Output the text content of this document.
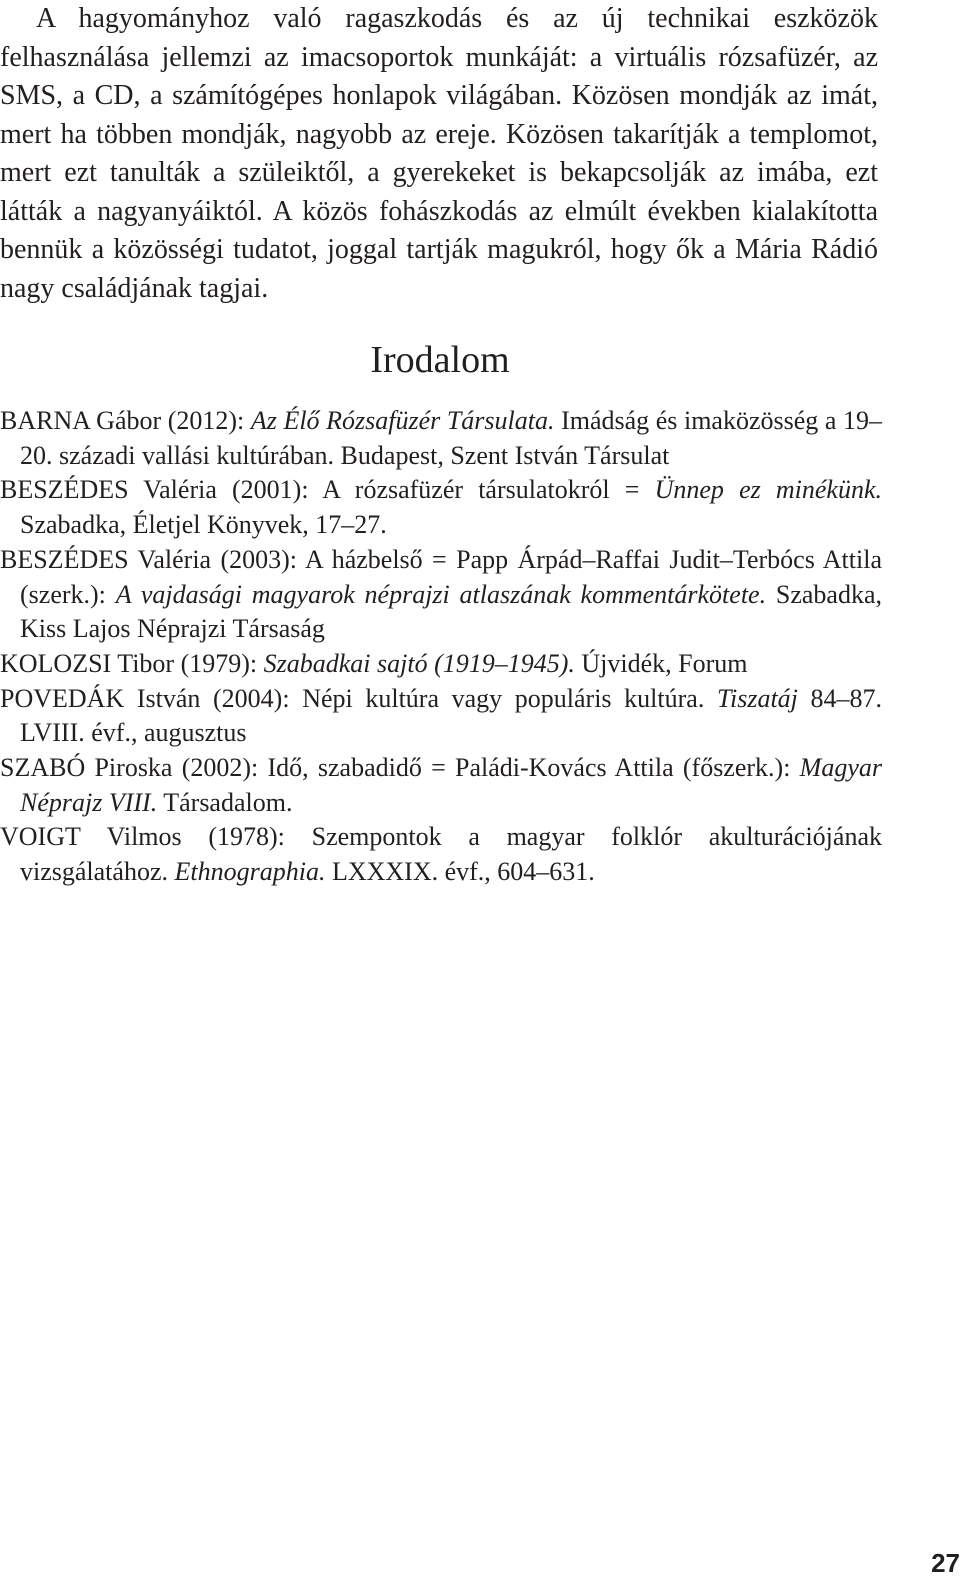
A hagyományhoz való ragaszkodás és az új technikai eszközök felhasználása jellemzi az imacsoportok munkáját: a virtuális rózsafüzér, az SMS, a CD, a számítógépes honlapok világában. Közösen mondják az imát, mert ha többen mondják, nagyobb az ereje. Közösen takarítják a templomot, mert ezt tanulták a szüleiktől, a gyerekeket is bekapcsolják az imába, ezt látták a nagyanyáiktól. A közös fohászkodás az elmúlt években kialakította bennük a közösségi tudatot, joggal tartják magukról, hogy ők a Mária Rádió nagy családjának tagjai.

Irodalom

BARNA Gábor (2012): Az Élő Rózsafüzér Társulata. Imádság és imaközösség a 19–20. századi vallási kultúrában. Budapest, Szent István Társulat

BESZÉDES Valéria (2001): A rózsafüzér társulatokról = Ünnep ez minékünk. Szabadka, Életjel Könyvek, 17–27.

BESZÉDES Valéria (2003): A házbelső = Papp Árpád–Raffai Judit–Terbócs Attila (szerk.): A vajdasági magyarok néprajzi atlaszának kommentárkötete. Szabadka, Kiss Lajos Néprajzi Társaság

KOLOZSI Tibor (1979): Szabadkai sajtó (1919–1945). Újvidék, Forum

POVEDÁK István (2004): Népi kultúra vagy populáris kultúra. Tiszatáj 84–87. LVIII. évf., augusztus

SZABÓ Piroska (2002): Idő, szabadidő = Paládi-Kovács Attila (főszerk.): Magyar Néprajz VIII. Társadalom.

VOIGT Vilmos (1978): Szempontok a magyar folklór akulturációjának vizsgálatához. Ethnographia. LXXXIX. évf., 604–631.

27
